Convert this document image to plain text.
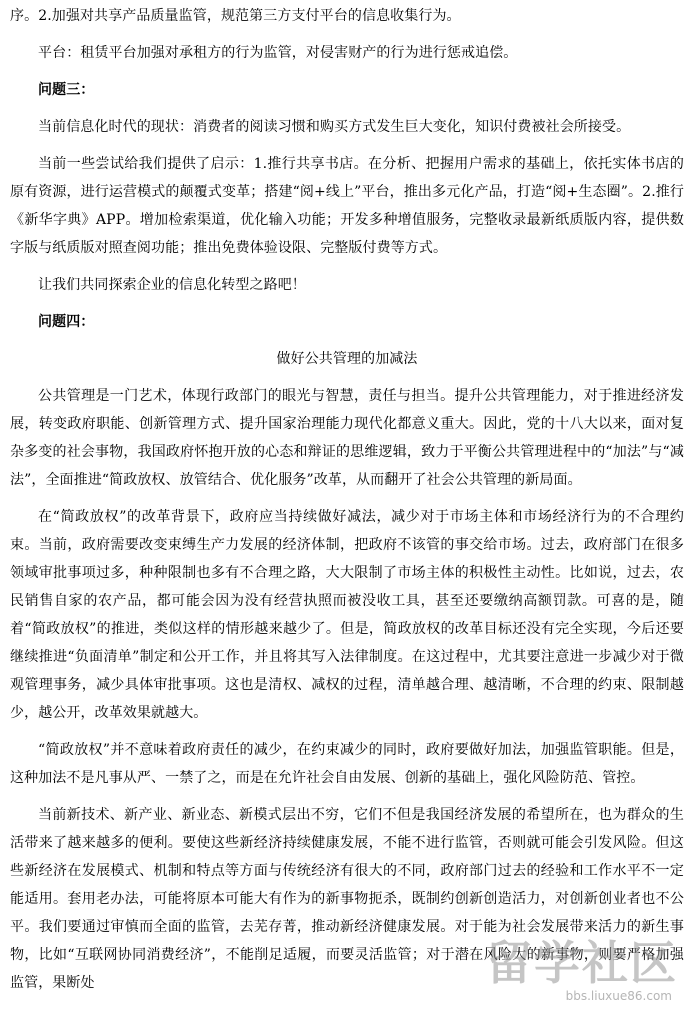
序。2.加强对共享产品质量监管，规范第三方支付平台的信息收集行为。

平台：租赁平台加强对承租方的行为监管，对侵害财产的行为进行惩戒追偿。

问题三：

当前信息化时代的现状：消费者的阅读习惯和购买方式发生巨大变化，知识付费被社会所接受。

当前一些尝试给我们提供了启示：1.推行共享书店。在分析、把握用户需求的基础上，依托实体书店的原有资源，进行运营模式的颠覆式变革；搭建“阅+线上”平台，推出多元化产品，打造“阅+生态圈”。2.推行《新华字典》APP。增加检索渠道，优化输入功能；开发多种增值服务，完整收录最新纸质版内容，提供数字版与纸质版对照查阅功能；推出免费体验设限、完整版付费等方式。

让我们共同探索企业的信息化转型之路吧！

问题四：

做好公共管理的加减法

公共管理是一门艺术，体现行政部门的眼光与智慧，责任与担当。提升公共管理能力，对于推进经济发展，转变政府职能、创新管理方式、提升国家治理能力现代化都意义重大。因此，党的十八大以来，面对复杂多变的社会事物，我国政府怀抱开放的心态和辩证的思维逻辑，致力于平衡公共管理进程中的“加法”与“减法”，全面推进“简政放权、放管结合、优化服务”改革，从而翻开了社会公共管理的新局面。

在“简政放权”的改革背景下，政府应当持续做好减法，减少对于市场主体和市场经济行为的不合理约束。当前，政府需要改变束缚生产力发展的经济体制，把政府不该管的事交给市场。过去，政府部门在很多领域审批事项过多，种种限制也多有不合理之路，大大限制了市场主体的积极性主动性。比如说，过去，农民销售自家的农产品，都可能会因为没有经营执照而被没收工具，甚至还要缴纳高额罚款。可喜的是，随着“简政放权”的推进，类似这样的情形越来越少了。但是，简政放权的改革目标还没有完全实现，今后还要继续推进“负面清单”制定和公开工作，并且将其写入法律制度。在这过程中，尤其要注意进一步减少对于微观管理事务，减少具体审批事项。这也是清权、减权的过程，清单越合理、越清晰，不合理的约束、限制越少，越公开，改革效果就越大。

“简政放权”并不意味着政府责任的减少，在约束减少的同时，政府要做好加法，加强监管职能。但是，这种加法不是凡事从严、一禁了之，而是在允许社会自由发展、创新的基础上，强化风险防范、管控。

当前新技术、新产业、新业态、新模式层出不穷，它们不但是我国经济发展的希望所在，也为群众的生活带来了越来越多的便利。要使这些新经济持续健康发展，不能不进行监管，否则就可能会引发风险。但这些新经济在发展模式、机制和特点等方面与传统经济有很大的不同，政府部门过去的经验和工作水平不一定能适用。套用老办法，可能将原本可能大有作为的新事物扼杀，既制约创新创造活力，对创新创业者也不公平。我们要通过审慎而全面的监管，去芜存菁，推动新经济健康发展。对于能为社会发展带来活力的新生事物，比如“互联网协同消费经济”，不能削足适履，而要灵活监管；对于潜在风险大的新事物，则要严格加强监管，果断处	留学社区
bbs.liuxue86.com
